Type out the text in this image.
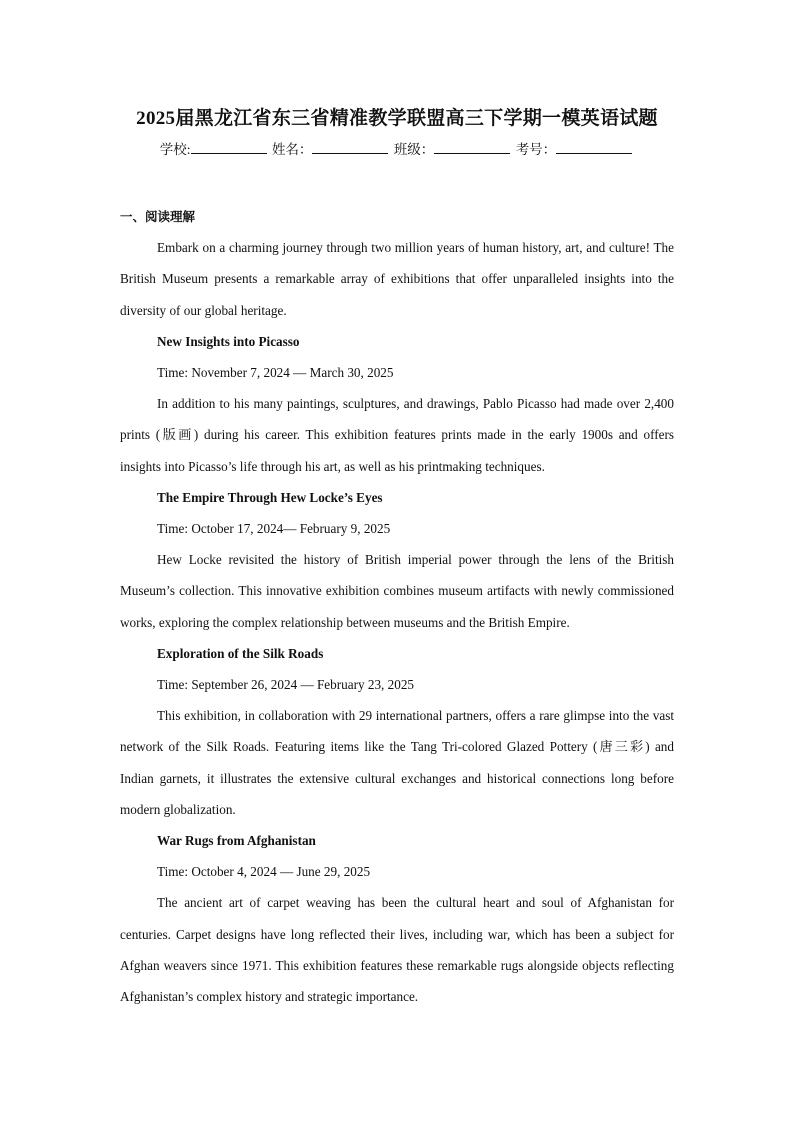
2025届黑龙江省东三省精准教学联盟高三下学期一模英语试题
学校:	姓名：	班级：	考号：

一、阅读理解

Embark on a charming journey through two million years of human history, art, and culture! The British Museum presents a remarkable array of exhibitions that offer unparalleled insights into the diversity of our global heritage.

New Insights into Picasso

Time: November 7, 2024 — March 30, 2025

In addition to his many paintings, sculptures, and drawings, Pablo Picasso had made over 2,400 prints (版画) during his career. This exhibition features prints made in the early 1900s and offers insights into Picasso’s life through his art, as well as his printmaking techniques.

The Empire Through Hew Locke’s Eyes

Time: October 17, 2024— February 9, 2025

Hew Locke revisited the history of British imperial power through the lens of the British Museum’s collection. This innovative exhibition combines museum artifacts with newly commissioned works, exploring the complex relationship between museums and the British Empire.

Exploration of the Silk Roads

Time: September 26, 2024 — February 23, 2025

This exhibition, in collaboration with 29 international partners, offers a rare glimpse into the vast network of the Silk Roads. Featuring items like the Tang Tri-colored Glazed Pottery (唐三彩) and Indian garnets, it illustrates the extensive cultural exchanges and historical connections long before modern globalization.

War Rugs from Afghanistan

Time: October 4, 2024 — June 29, 2025

The ancient art of carpet weaving has been the cultural heart and soul of Afghanistan for centuries. Carpet designs have long reflected their lives, including war, which has been a subject for Afghan weavers since 1971. This exhibition features these remarkable rugs alongside objects reflecting Afghanistan’s complex history and strategic importance.
